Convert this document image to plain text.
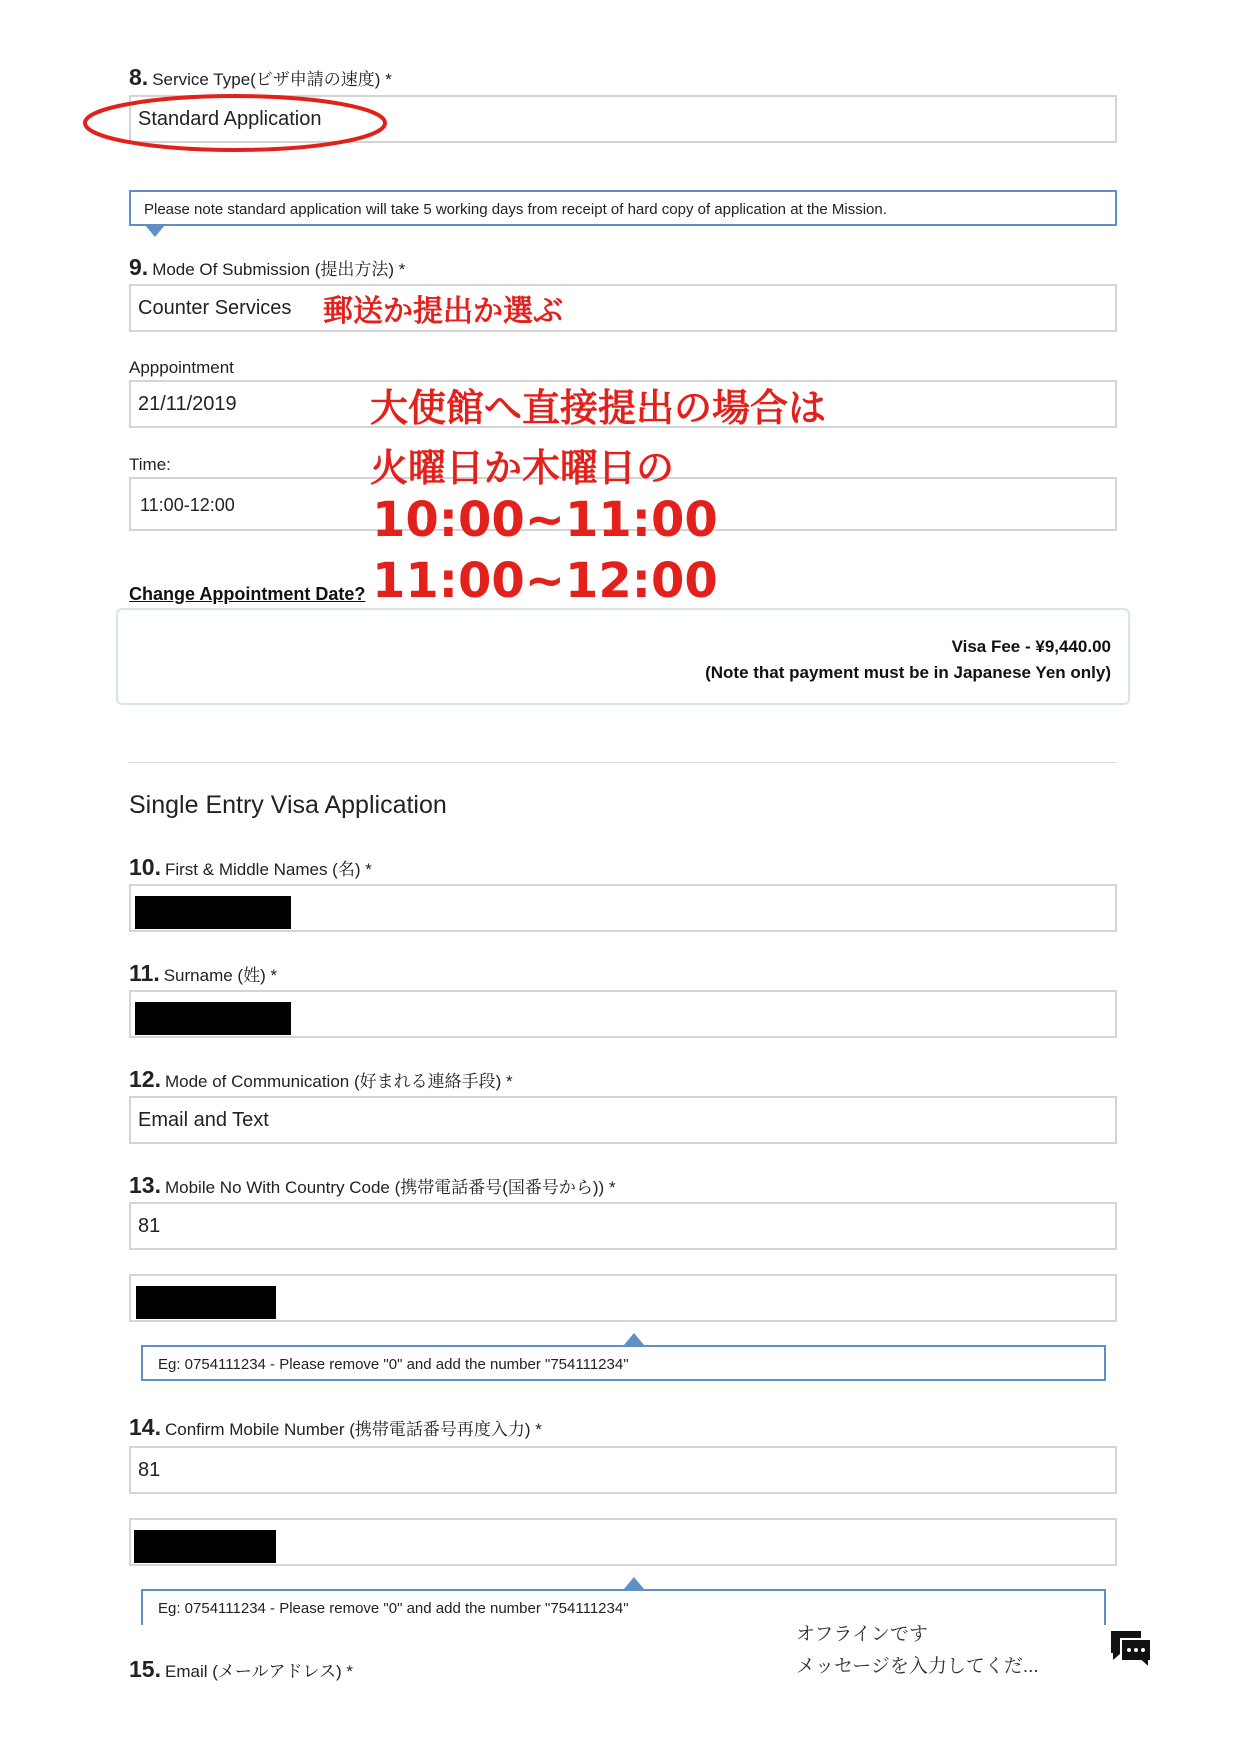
8. Service Type(ビザ申請の速度) *
Standard Application
Please note standard application will take 5 working days from receipt of hard copy of application at the Mission.
9. Mode Of Submission (提出方法) *
Counter Services 郵送か提出か選ぶ
Apppointment
21/11/2019
Time:
11:00-12:00
大使館へ直接提出の場合は
火曜日か木曜日の
10:00~11:00
11:00~12:00
Change Appointment Date?
Visa Fee - ¥9,440.00
(Note that payment must be in Japanese Yen only)
Single Entry Visa Application
10. First & Middle Names (名) *
11. Surname (姓) *
12. Mode of Communication (好まれる連絡手段) *
Email and Text
13. Mobile No With Country Code (携帯電話番号(国番号から)) *
81
Eg: 0754111234 - Please remove "0" and add the number "754111234"
14. Confirm Mobile Number (携帯電話番号再度入力) *
81
Eg: 0754111234 - Please remove "0" and add the number "754111234"
15. Email (メールアドレス) *
オフラインです
メッセージを入力してくだ...
